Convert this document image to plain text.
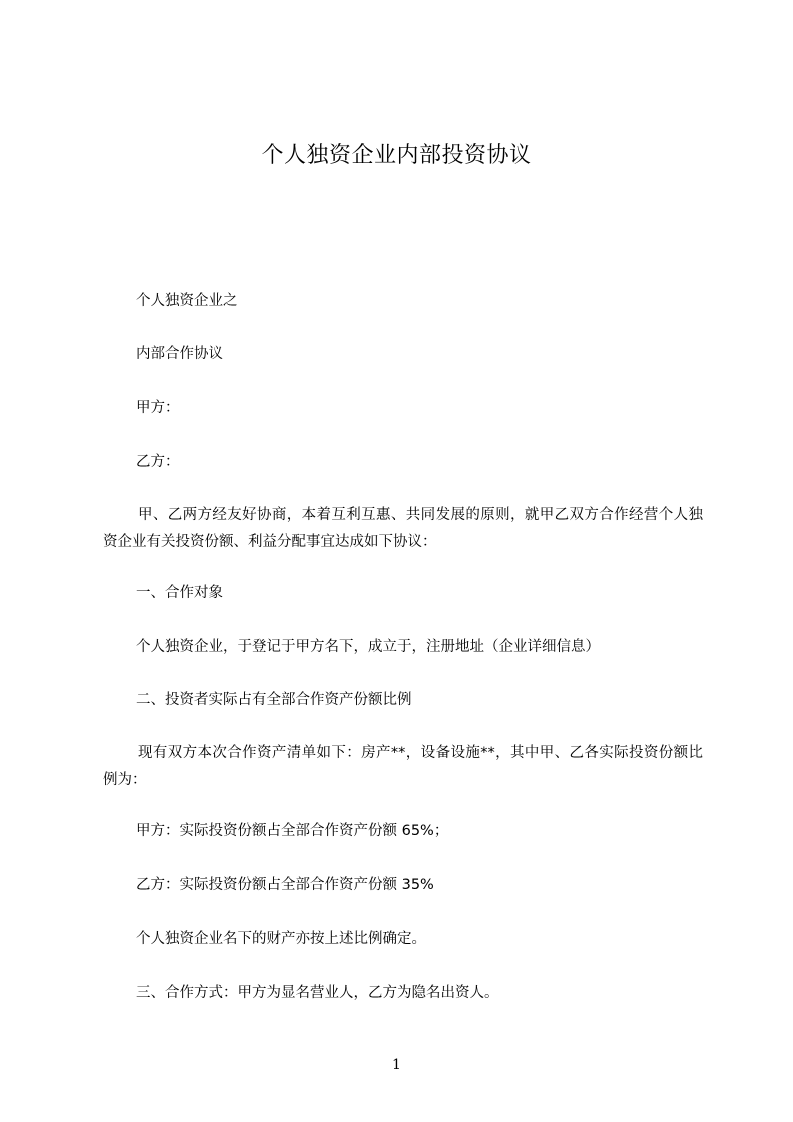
个人独资企业内部投资协议
个人独资企业之
内部合作协议
甲方：
乙方：
甲、乙两方经友好协商，本着互利互惠、共同发展的原则，就甲乙双方合作经营个人独资企业有关投资份额、利益分配事宜达成如下协议：
一、合作对象
个人独资企业，于登记于甲方名下，成立于，注册地址（企业详细信息）
二、投资者实际占有全部合作资产份额比例
现有双方本次合作资产清单如下：房产**，设备设施**，其中甲、乙各实际投资份额比例为：
甲方：实际投资份额占全部合作资产份额 65%；
乙方：实际投资份额占全部合作资产份额 35%
个人独资企业名下的财产亦按上述比例确定。
三、合作方式：甲方为显名营业人，乙方为隐名出资人。
1
